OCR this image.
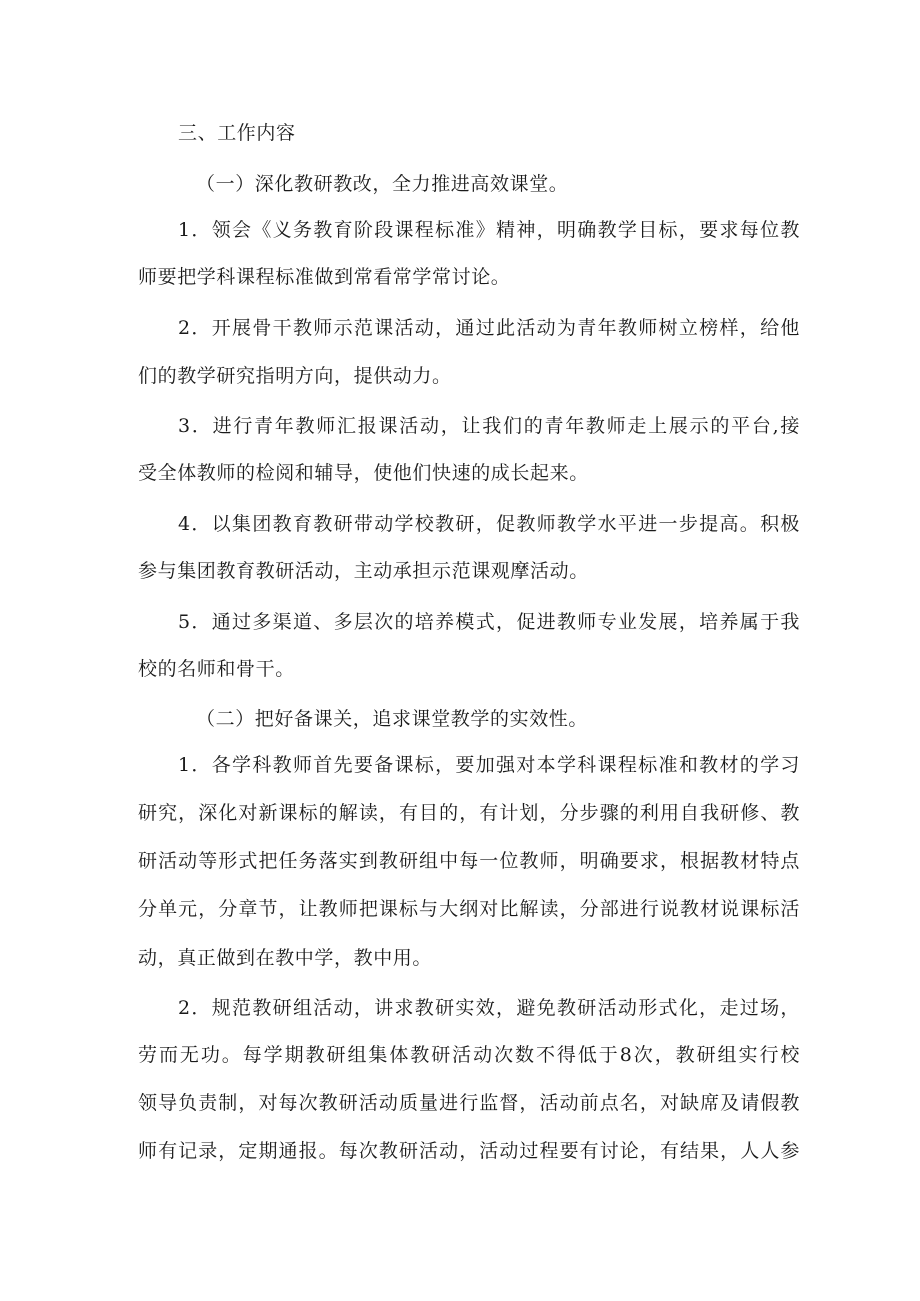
三、工作内容
（一）深化教研教改，全力推进高效课堂。
1．领会《义务教育阶段课程标准》精神，明确教学目标，要求每位教
师要把学科课程标准做到常看常学常讨论。
2．开展骨干教师示范课活动，通过此活动为青年教师树立榜样，给他
们的教学研究指明方向，提供动力。
3．进行青年教师汇报课活动，让我们的青年教师走上展示的平台,接
受全体教师的检阅和辅导，使他们快速的成长起来。
4．以集团教育教研带动学校教研，促教师教学水平进一步提高。积极
参与集团教育教研活动，主动承担示范课观摩活动。
5．通过多渠道、多层次的培养模式，促进教师专业发展，培养属于我
校的名师和骨干。
（二）把好备课关，追求课堂教学的实效性。
1．各学科教师首先要备课标，要加强对本学科课程标准和教材的学习
研究，深化对新课标的解读，有目的，有计划，分步骤的利用自我研修、教
研活动等形式把任务落实到教研组中每一位教师，明确要求，根据教材特点
分单元，分章节，让教师把课标与大纲对比解读，分部进行说教材说课标活
动，真正做到在教中学，教中用。
2．规范教研组活动，讲求教研实效，避免教研活动形式化，走过场，
劳而无功。每学期教研组集体教研活动次数不得低于8次，教研组实行校
领导负责制，对每次教研活动质量进行监督，活动前点名，对缺席及请假教
师有记录，定期通报。每次教研活动，活动过程要有讨论，有结果，人人参
